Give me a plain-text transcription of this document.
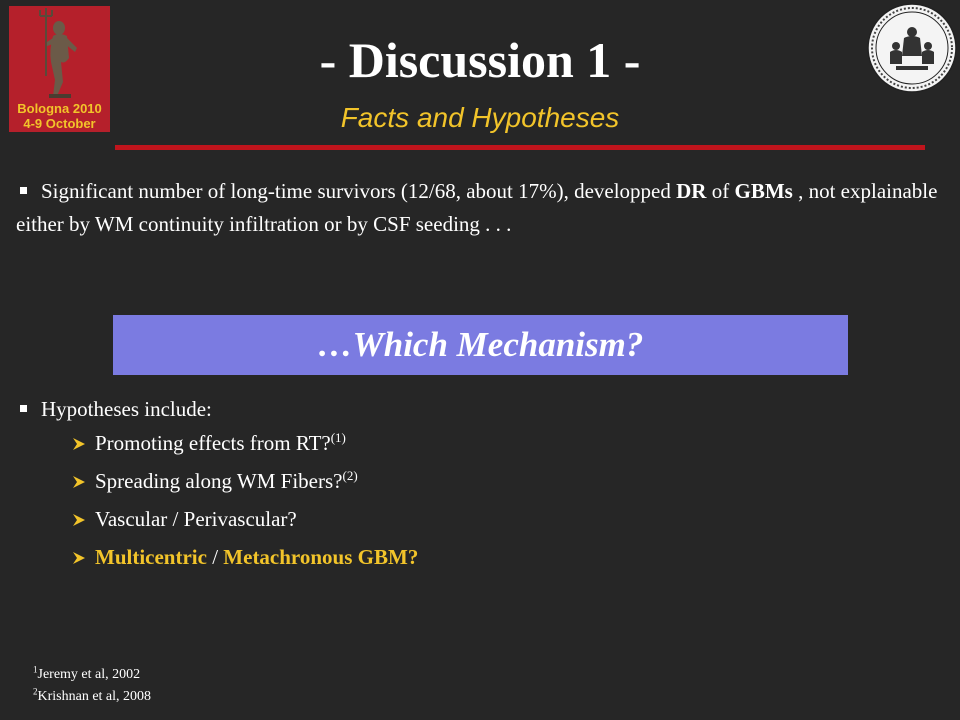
Bologna 2010
4-9 October
- Discussion 1 -
Facts and Hypotheses
Significant number of long-time survivors (12/68, about 17%), developped DR of GBMs , not explainable either by WM continuity infiltration or by CSF seeding . . .
…Which Mechanism?
Hypotheses include:
Promoting effects from RT?$^{(1)}$
Spreading along WM Fibers?$^{(2)}$
Vascular / Perivascular?
Multicentric / Metachronous GBM?
$^1$Jeremy et al, 2002
$^2$Krishnan et al, 2008
